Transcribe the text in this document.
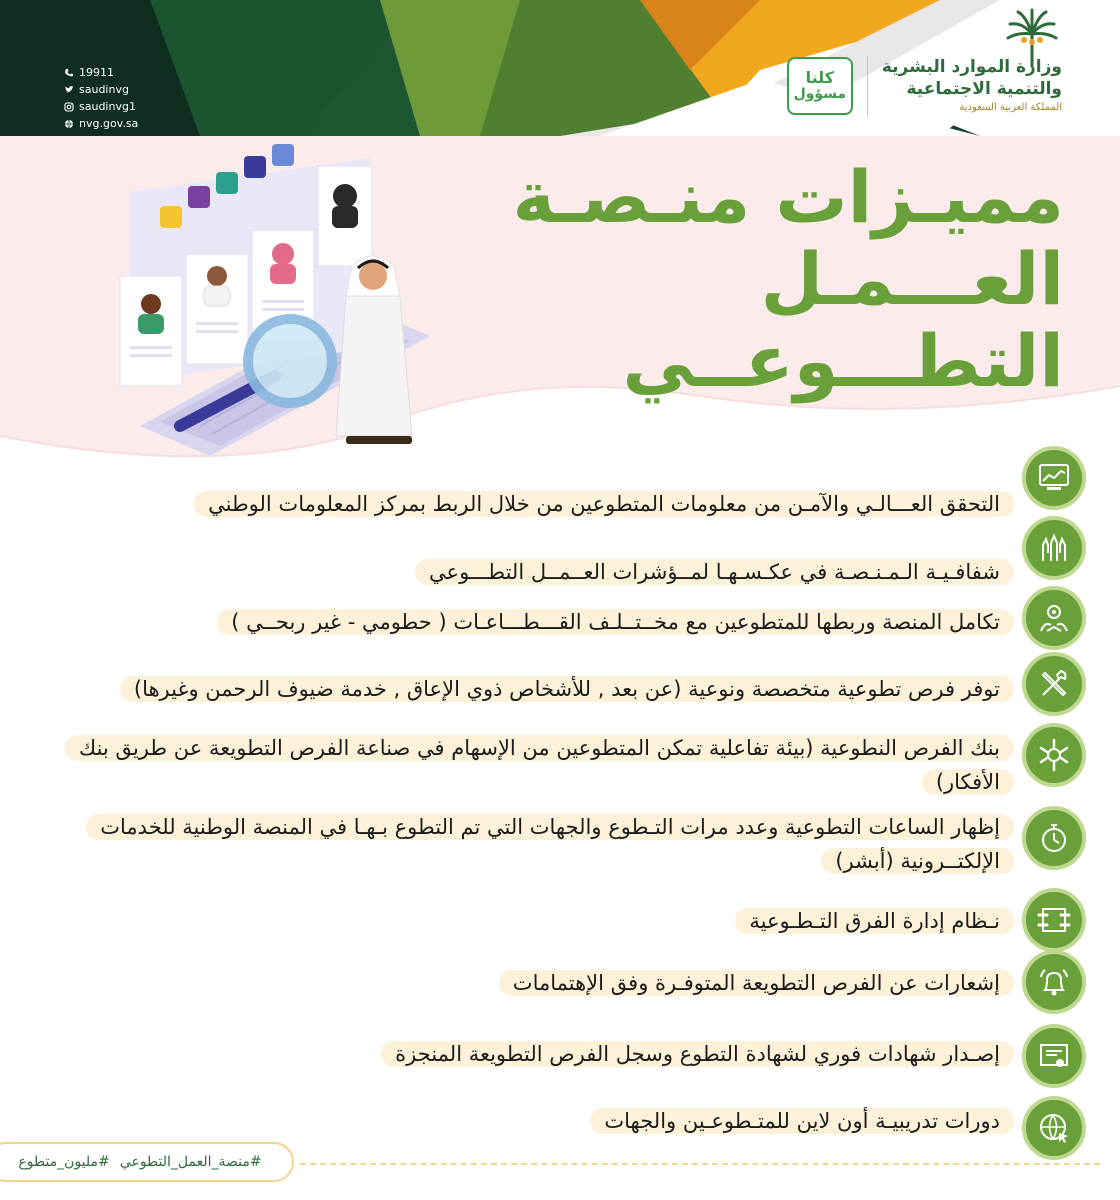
19911
saudinvg
saudinvg1
nvg.gov.sa
وزارة الموارد البشرية
والتنمية الاجتماعية
المملكة العربية السعودية
كلنا
مسؤول
مميـزات منـصـة
العـــمـل
التطـــوعــي
التحقق العـــالـي والآمـن من معلومات المتطوعين من خلال الربط بمركز المعلومات الوطني
شفافـيـة الـمـنـصـة في عكـسـهـا لمــؤشرات العــمــل التطـــوعي
تكامل المنصة وربطها للمتطوعين مع مخــتــلـف القـــطـــاعـات ( حطومي - غير ربحــي )
توفر فرص تطوعية متخصصة ونوعية (عن بعد , للأشخاص ذوي الإعاق , خدمة ضيوف الرحمن وغيرها)
بنك الفرص النطوعية (بيئة تفاعلية تمكن المتطوعين من الإسهام في صناعة الفرص التطويعة عن طريق بنك الأفكار)
إظهار الساعات التطوعية وعدد مرات التـطوع والجهات التي تم التطوع بـهـا في المنصة الوطنية للخدمات الإلكتــرونية (أبشر)
نـظام إدارة الفرق التـطـوعية
إشعارات عن الفرص التطويعة المتوفـرة وفق الإهتمامات
إصـدار شهادات فوري لشهادة التطوع وسجل الفرص التطويعة المنجزة
دورات تدريبيـة أون لاين للمتـطوعـين والجهات
#منصة_العمل_التطوعي
#مليون_متطوع
